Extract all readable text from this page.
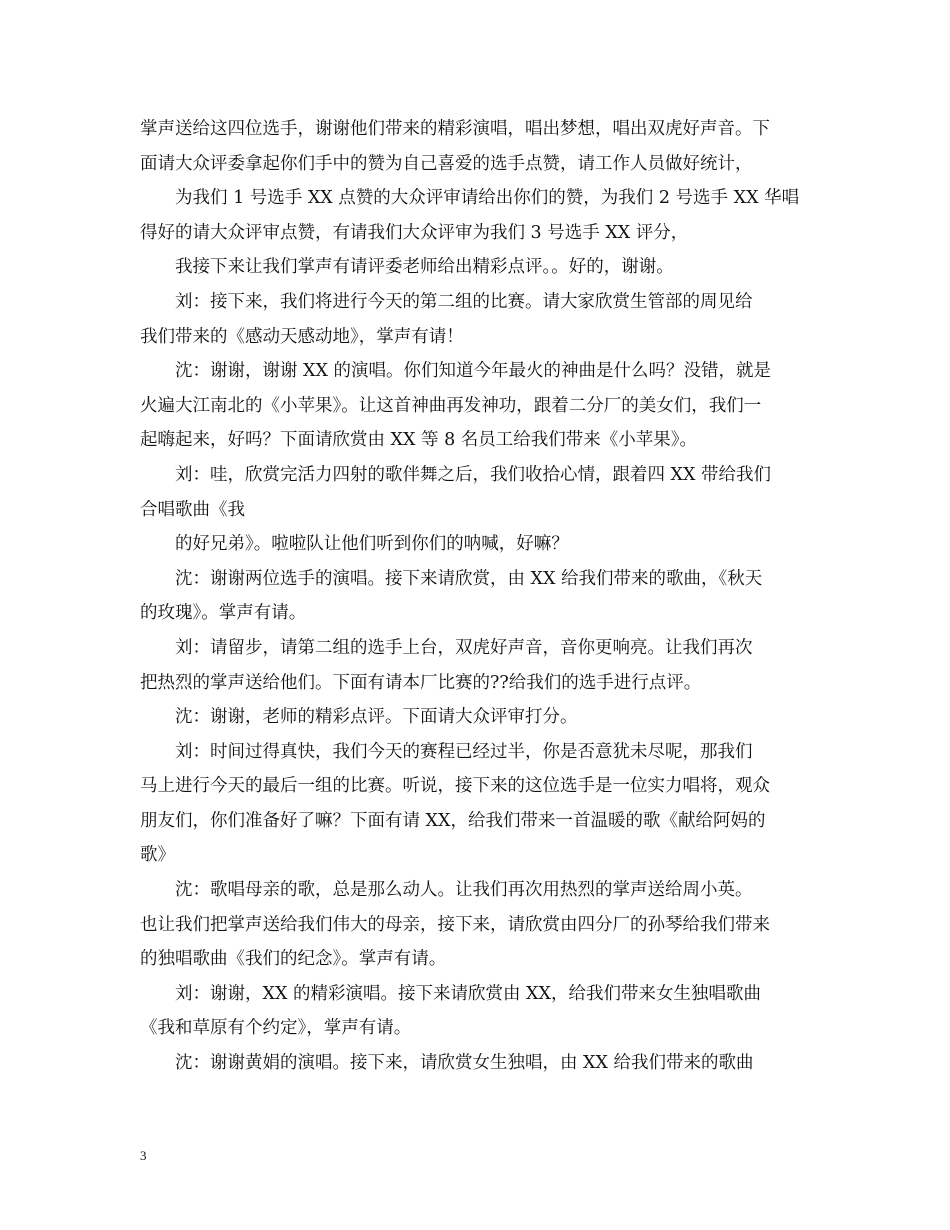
掌声送给这四位选手，谢谢他们带来的精彩演唱，唱出梦想，唱出双虎好声音。下
面请大众评委拿起你们手中的赞为自己喜爱的选手点赞，请工作人员做好统计，
为我们 1 号选手 XX 点赞的大众评审请给出你们的赞，为我们 2 号选手 XX 华唱
得好的请大众评审点赞，有请我们大众评审为我们 3 号选手 XX 评分，
我接下来让我们掌声有请评委老师给出精彩点评。。好的，谢谢。
刘：接下来，我们将进行今天的第二组的比赛。请大家欣赏生管部的周见给
我们带来的《感动天感动地》，掌声有请！
沈：谢谢，谢谢 XX 的演唱。你们知道今年最火的神曲是什么吗？没错，就是
火遍大江南北的《小苹果》。让这首神曲再发神功，跟着二分厂的美女们，我们一
起嗨起来，好吗？下面请欣赏由 XX 等 8 名员工给我们带来《小苹果》。
刘：哇，欣赏完活力四射的歌伴舞之后，我们收拾心情，跟着四 XX 带给我们
合唱歌曲《我
的好兄弟》。啦啦队让他们听到你们的呐喊，好嘛？
沈：谢谢两位选手的演唱。接下来请欣赏，由 XX 给我们带来的歌曲，《秋天
的玫瑰》。掌声有请。
刘：请留步，请第二组的选手上台，双虎好声音，音你更响亮。让我们再次
把热烈的掌声送给他们。下面有请本厂比赛的??给我们的选手进行点评。
沈：谢谢，老师的精彩点评。下面请大众评审打分。
刘：时间过得真快，我们今天的赛程已经过半，你是否意犹未尽呢，那我们
马上进行今天的最后一组的比赛。听说，接下来的这位选手是一位实力唱将，观众
朋友们，你们准备好了嘛？下面有请 XX，给我们带来一首温暖的歌《献给阿妈的
歌》
沈：歌唱母亲的歌，总是那么动人。让我们再次用热烈的掌声送给周小英。
也让我们把掌声送给我们伟大的母亲，接下来，请欣赏由四分厂的孙琴给我们带来
的独唱歌曲《我们的纪念》。掌声有请。
刘：谢谢，XX 的精彩演唱。接下来请欣赏由 XX，给我们带来女生独唱歌曲
《我和草原有个约定》，掌声有请。
沈：谢谢黄娟的演唱。接下来，请欣赏女生独唱，由 XX 给我们带来的歌曲
3
